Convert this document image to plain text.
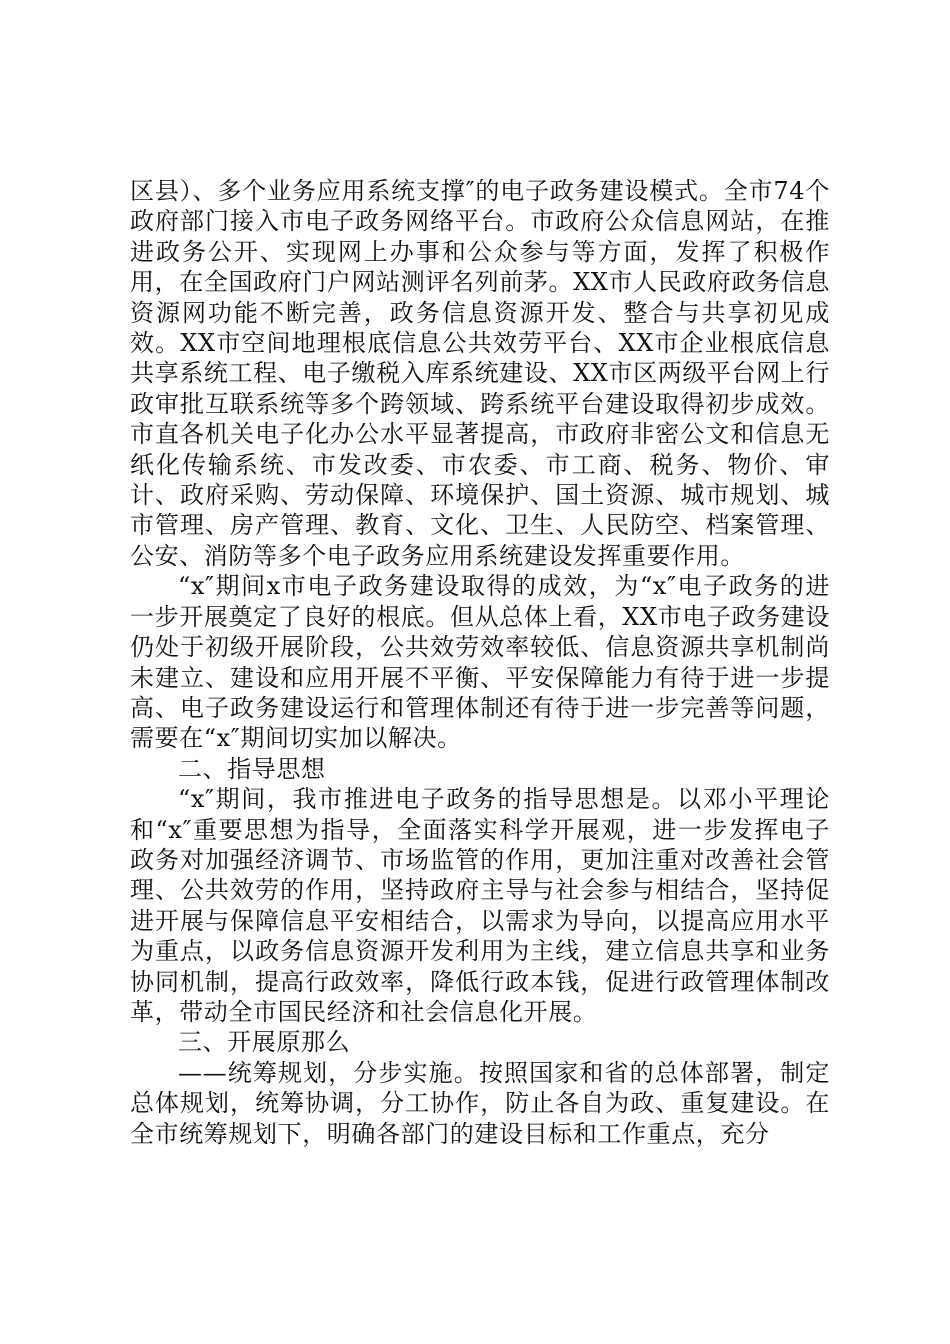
区县）、多个业务应用系统支撑″的电子政务建设模式。全市74个政府部门接入市电子政务网络平台。市政府公众信息网站，在推进政务公开、实现网上办事和公众参与等方面，发挥了积极作用，在全国政府门户网站测评名列前茅。XX市人民政府政务信息资源网功能不断完善，政务信息资源开发、整合与共享初见成效。XX市空间地理根底信息公共效劳平台、XX市企业根底信息共享系统工程、电子缴税入库系统建设、XX市区两级平台网上行政审批互联系统等多个跨领域、跨系统平台建设取得初步成效。市直各机关电子化办公水平显著提高，市政府非密公文和信息无纸化传输系统、市发改委、市农委、市工商、税务、物价、审计、政府采购、劳动保障、环境保护、国土资源、城市规划、城市管理、房产管理、教育、文化、卫生、人民防空、档案管理、公安、消防等多个电子政务应用系统建设发挥重要作用。

“x″期间x市电子政务建设取得的成效，为“x″电子政务的进一步开展奠定了良好的根底。但从总体上看，XX市电子政务建设仍处于初级开展阶段，公共效劳效率较低、信息资源共享机制尚未建立、建设和应用开展不平衡、平安保障能力有待于进一步提高、电子政务建设运行和管理体制还有待于进一步完善等问题，需要在“x″期间切实加以解决。

二、指导思想

“x″期间，我市推进电子政务的指导思想是。以邓小平理论和“x″重要思想为指导，全面落实科学开展观，进一步发挥电子政务对加强经济调节、市场监管的作用，更加注重对改善社会管理、公共效劳的作用，坚持政府主导与社会参与相结合，坚持促进开展与保障信息平安相结合，以需求为导向，以提高应用水平为重点，以政务信息资源开发利用为主线，建立信息共享和业务协同机制，提高行政效率，降低行政本钱，促进行政管理体制改革，带动全市国民经济和社会信息化开展。

三、开展原那么

——统筹规划，分步实施。按照国家和省的总体部署，制定总体规划，统筹协调，分工协作，防止各自为政、重复建设。在全市统筹规划下，明确各部门的建设目标和工作重点，充分
